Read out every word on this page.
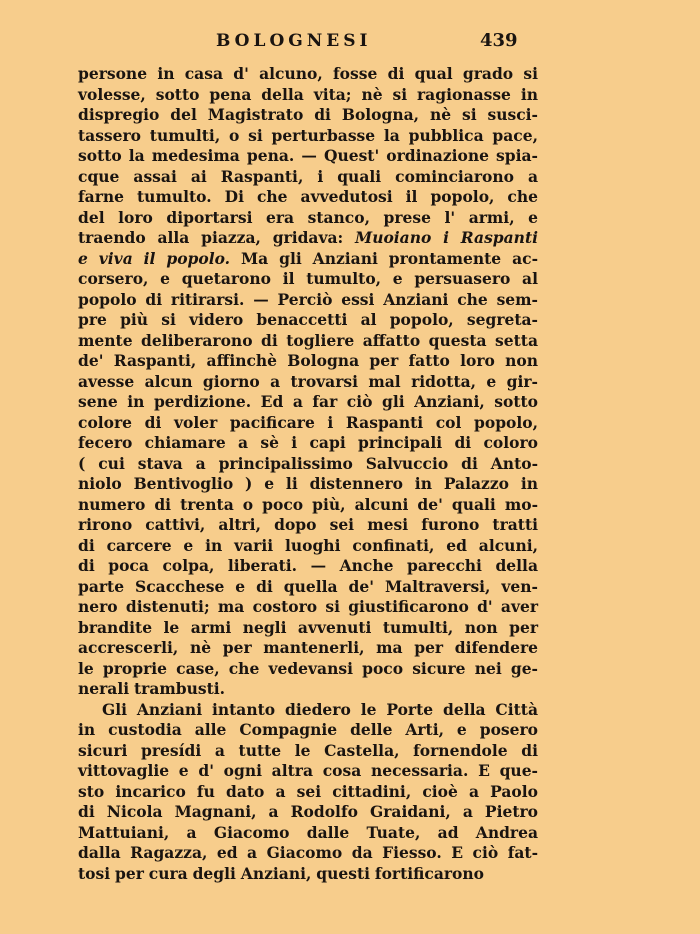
BOLOGNESI	439
persone in casa d' alcuno, fosse di qual grado si
volesse, sotto pena della vita; nè si ragionasse in
dispregio del Magistrato di Bologna, nè si susci-
tassero tumulti, o si perturbasse la pubblica pace,
sotto la medesima pena. — Quest' ordinazione spia-
cque assai ai Raspanti, i quali cominciarono a
farne tumulto. Di che avvedutosi il popolo, che
del loro diportarsi era stanco, prese l' armi, e
traendo alla piazza, gridava: Muoiano i Raspanti
e viva il popolo. Ma gli Anziani prontamente ac-
corsero, e quetarono il tumulto, e persuasero al
popolo di ritirarsi. — Perciò essi Anziani che sem-
pre più si videro benaccetti al popolo, segreta-
mente deliberarono di togliere affatto questa setta
de' Raspanti, affinchè Bologna per fatto loro non
avesse alcun giorno a trovarsi mal ridotta, e gir-
sene in perdizione. Ed a far ciò gli Anziani, sotto
colore di voler pacificare i Raspanti col popolo,
fecero chiamare a sè i capi principali di coloro
( cui stava a principalissimo Salvuccio di Anto-
niolo Bentivoglio ) e li distennero in Palazzo in
numero di trenta o poco più, alcuni de' quali mo-
rirono cattivi, altri, dopo sei mesi furono tratti
di carcere e in varii luoghi confinati, ed alcuni,
di poca colpa, liberati. — Anche parecchi della
parte Scacchese e di quella de' Maltraversi, ven-
nero distenuti; ma costoro si giustificarono d' aver
brandite le armi negli avvenuti tumulti, non per
accrescerli, nè per mantenerli, ma per difendere
le proprie case, che vedevansi poco sicure nei ge-
nerali trambusti.
Gli Anziani intanto diedero le Porte della Città
in custodia alle Compagnie delle Arti, e posero
sicuri presídi a tutte le Castella, fornendole di
vittovaglie e d' ogni altra cosa necessaria. E que-
sto incarico fu dato a sei cittadini, cioè a Paolo
di Nicola Magnani, a Rodolfo Graidani, a Pietro
Mattuiani, a Giacomo dalle Tuate, ad Andrea
dalla Ragazza, ed a Giacomo da Fiesso. E ciò fat-
tosi per cura degli Anziani, questi fortificarono
